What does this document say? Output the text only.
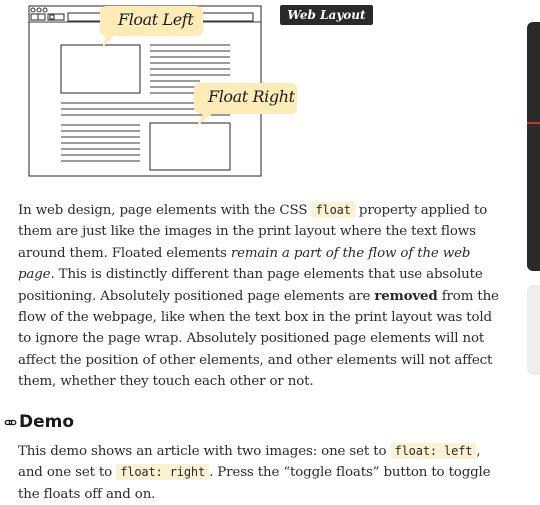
Float Left
Float Right
Web Layout

In web design, page elements with the CSS float property applied to them are just like the images in the print layout where the text flows around them. Floated elements remain a part of the flow of the web page. This is distinctly different than page elements that use absolute positioning. Absolutely positioned page elements are removed from the flow of the webpage, like when the text box in the print layout was told to ignore the page wrap. Absolutely positioned page elements will not affect the position of other elements, and other elements will not affect them, whether they touch each other or not.

Demo

This demo shows an article with two images: one set to float: left , and one set to float: right . Press the “toggle floats” button to toggle the floats off and on.
